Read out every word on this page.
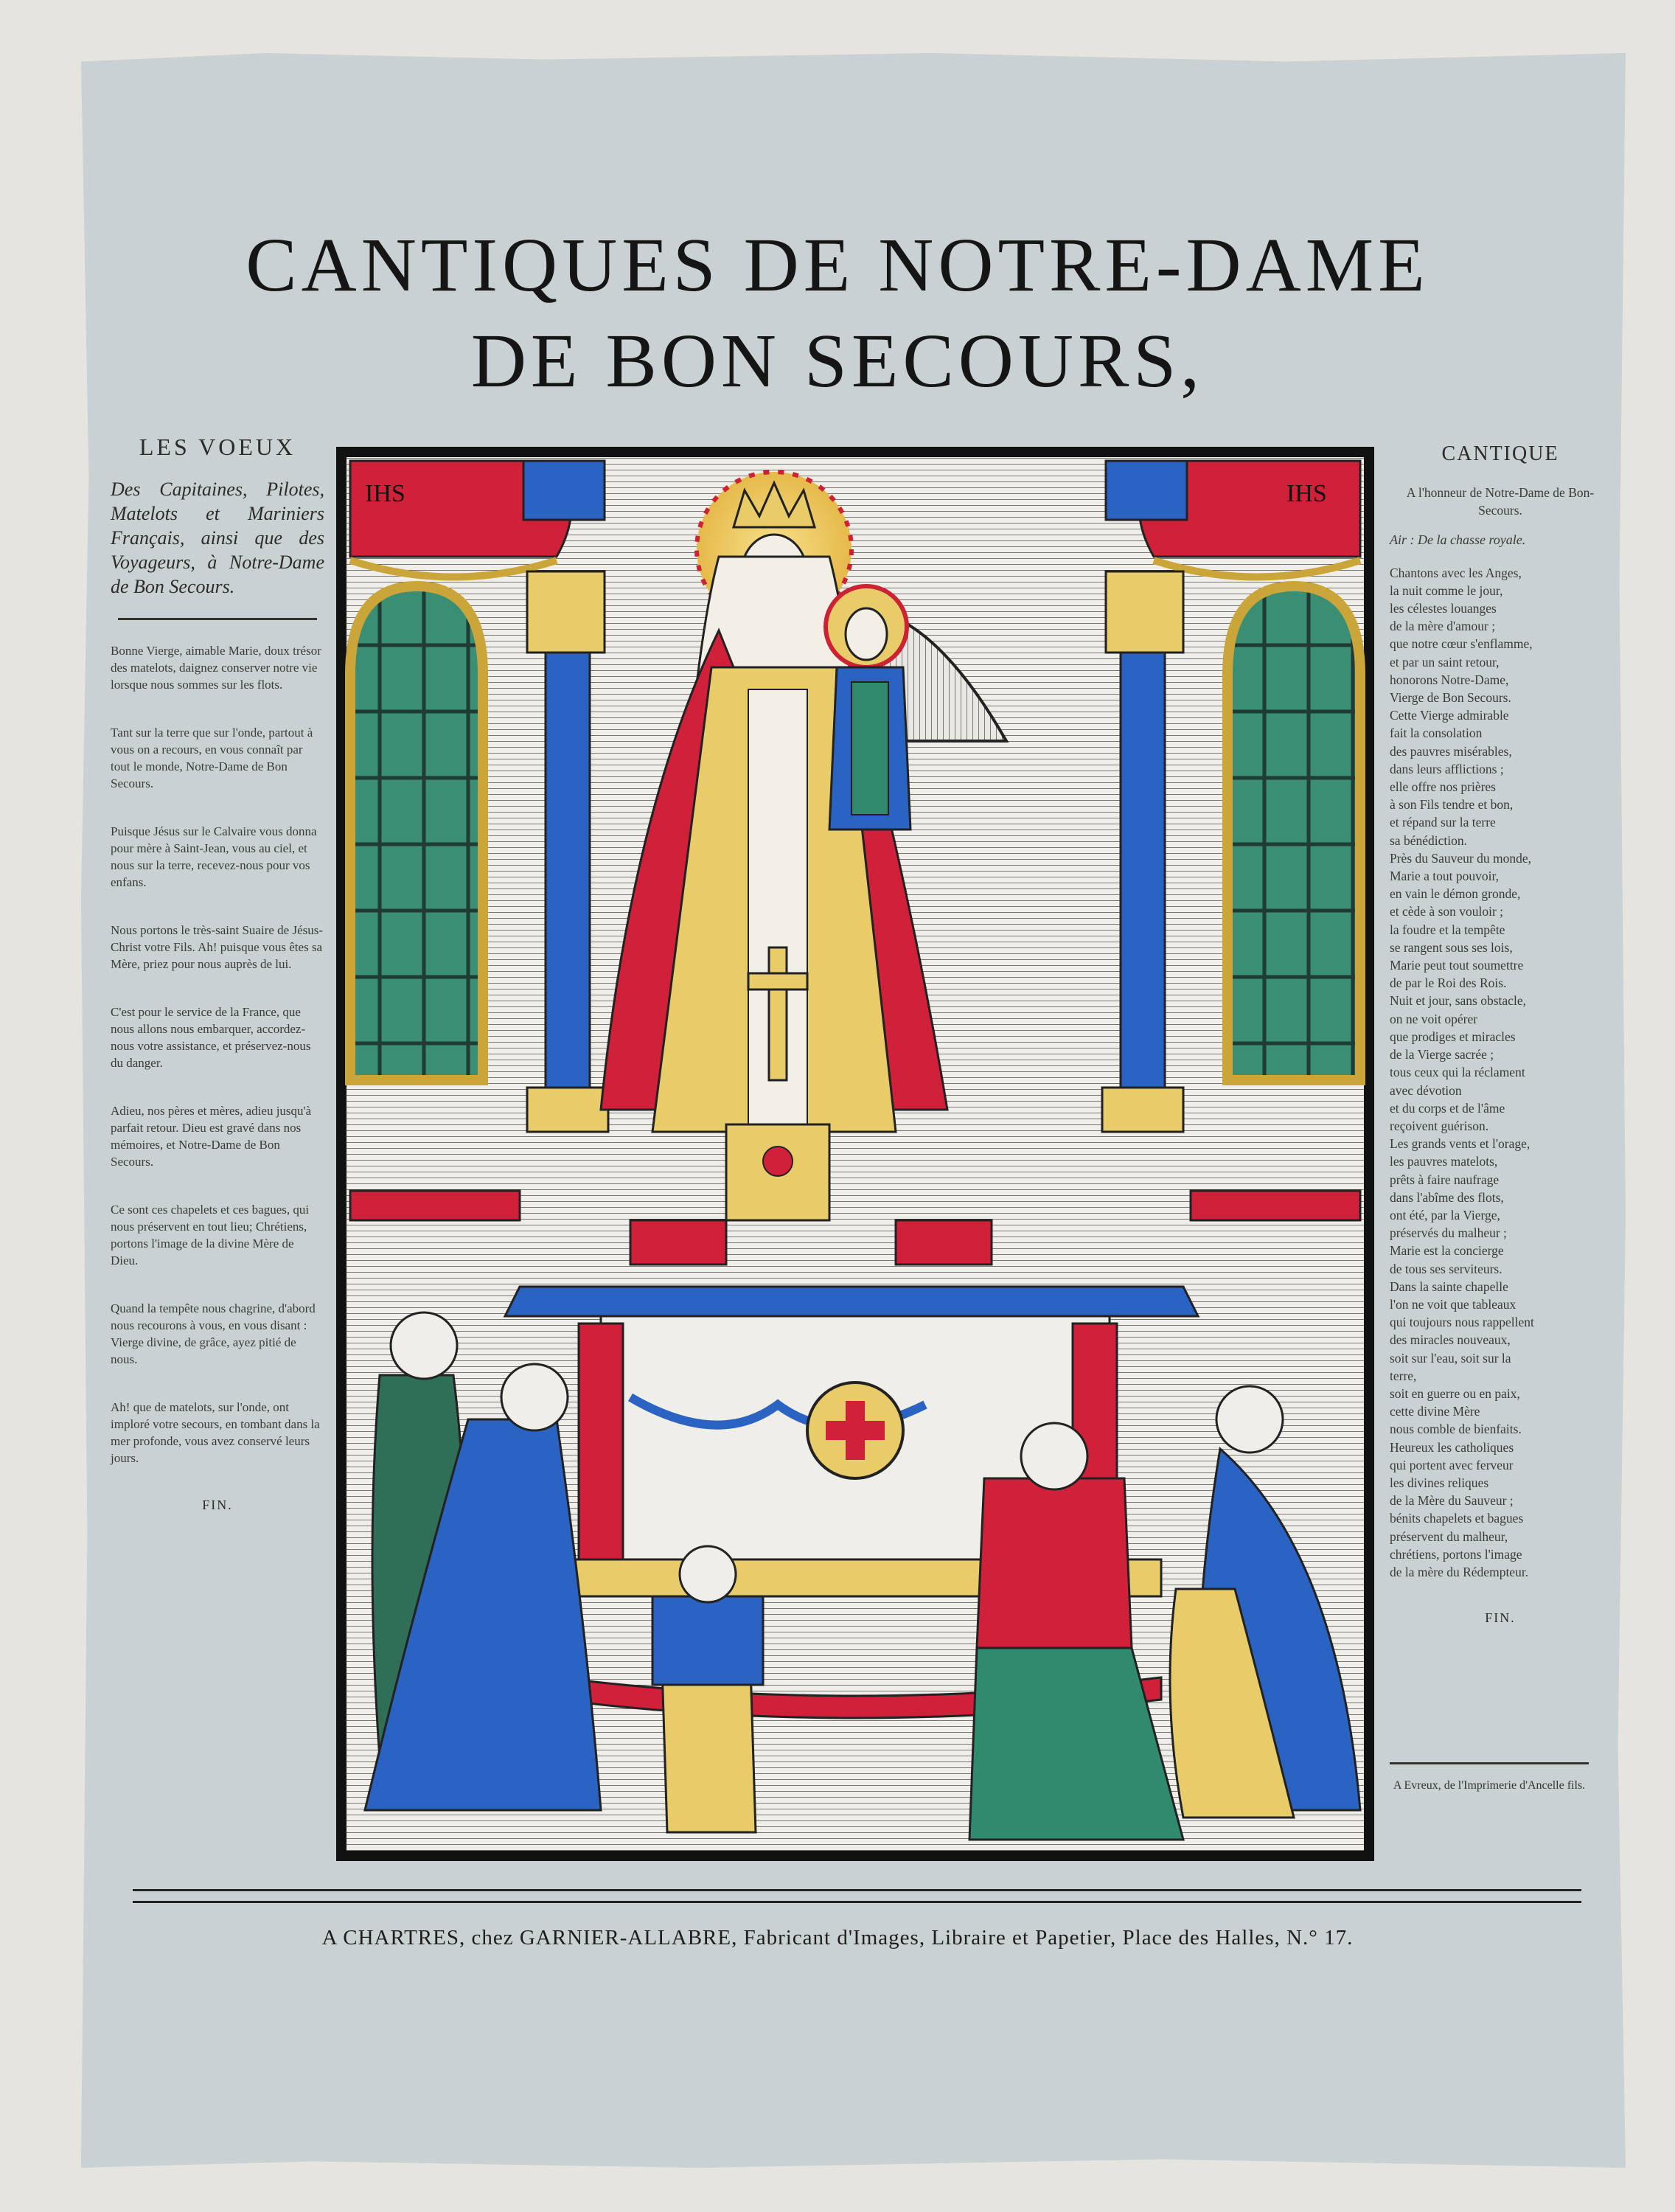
CANTIQUES DE NOTRE-DAME
DE BON SECOURS,
LES VOEUX
Des Capitaines, Pilotes, Matelots et Mariniers Français, ainsi que des Voyageurs, à Notre-Dame de Bon Secours.
Bonne Vierge, aimable Marie, doux trésor des matelots, daignez conserver notre vie lorsque nous sommes sur les flots.
Tant sur la terre que sur l'onde, partout à vous on a recours, en vous connaît par tout le monde, Notre-Dame de Bon Secours.
Puisque Jésus sur le Calvaire vous donna pour mère à Saint-Jean, vous au ciel, et nous sur la terre, recevez-nous pour vos enfans.
Nous portons le très-saint Suaire de Jésus-Christ votre Fils. Ah! puisque vous êtes sa Mère, priez pour nous auprès de lui.
C'est pour le service de la France, que nous allons nous embarquer, accordez-nous votre assistance, et préservez-nous du danger.
Adieu, nos pères et mères, adieu jusqu'à parfait retour. Dieu est gravé dans nos mémoires, et Notre-Dame de Bon Secours.
Ce sont ces chapelets et ces bagues, qui nous préservent en tout lieu; Chrétiens, portons l'image de la divine Mère de Dieu.
Quand la tempête nous chagrine, d'abord nous recourons à vous, en vous disant : Vierge divine, de grâce, ayez pitié de nous.
Ah! que de matelots, sur l'onde, ont imploré votre secours, en tombant dans la mer profonde, vous avez conservé leurs jours.
FIN.
IHS	IHS
CANTIQUE
A l'honneur de Notre-Dame de Bon-Secours.
Air : De la chasse royale.

Chantons avec les Anges,

la nuit comme le jour,

les célestes louanges

de la mère d'amour ;

que notre cœur s'enflamme,

et par un saint retour,

honorons Notre-Dame,

Vierge de Bon Secours.

Cette Vierge admirable

fait la consolation

des pauvres misérables,

dans leurs afflictions ;

elle offre nos prières

à son Fils tendre et bon,

et répand sur la terre

sa bénédiction.

Près du Sauveur du monde,

Marie a tout pouvoir,

en vain le démon gronde,

et cède à son vouloir ;

la foudre et la tempête

se rangent sous ses lois,

Marie peut tout soumettre

de par le Roi des Rois.

Nuit et jour, sans obstacle,

on ne voit opérer

que prodiges et miracles

de la Vierge sacrée ;

tous ceux qui la réclament

avec dévotion

et du corps et de l'âme

reçoivent guérison.

Les grands vents et l'orage,

les pauvres matelots,

prêts à faire naufrage

dans l'abîme des flots,

ont été, par la Vierge,

préservés du malheur ;

Marie est la concierge

de tous ses serviteurs.

Dans la sainte chapelle

l'on ne voit que tableaux

qui toujours nous rappellent

des miracles nouveaux,

soit sur l'eau, soit sur la

terre,

soit en guerre ou en paix,

cette divine Mère

nous comble de bienfaits.

Heureux les catholiques

qui portent avec ferveur

les divines reliques

de la Mère du Sauveur ;

bénits chapelets et bagues

préservent du malheur,

chrétiens, portons l'image

de la mère du Rédempteur.

FIN.
A Evreux, de l'Imprimerie d'Ancelle fils.
A CHARTRES, chez GARNIER-ALLABRE, Fabricant d'Images, Libraire et Papetier, Place des Halles, N.° 17.
